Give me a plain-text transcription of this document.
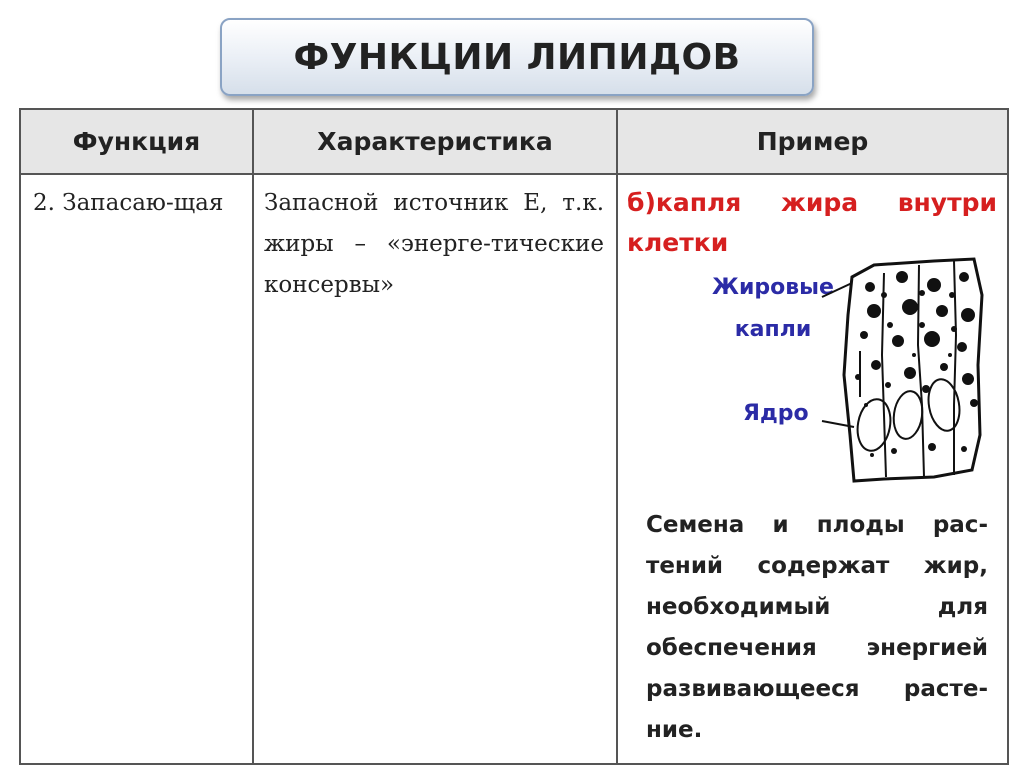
ФУНКЦИИ ЛИПИДОВ
Функция	Характеристика	Пример

2. Запасаю-щая	Запасной источник Е, т.к. жиры – «энерге-тические консервы»	б)капля жира внутри клетки
Жировые капли
Ядро
Семена и плоды рас-тений содержат жир, необходимый для обеспечения энергией развивающееся расте-ние.
